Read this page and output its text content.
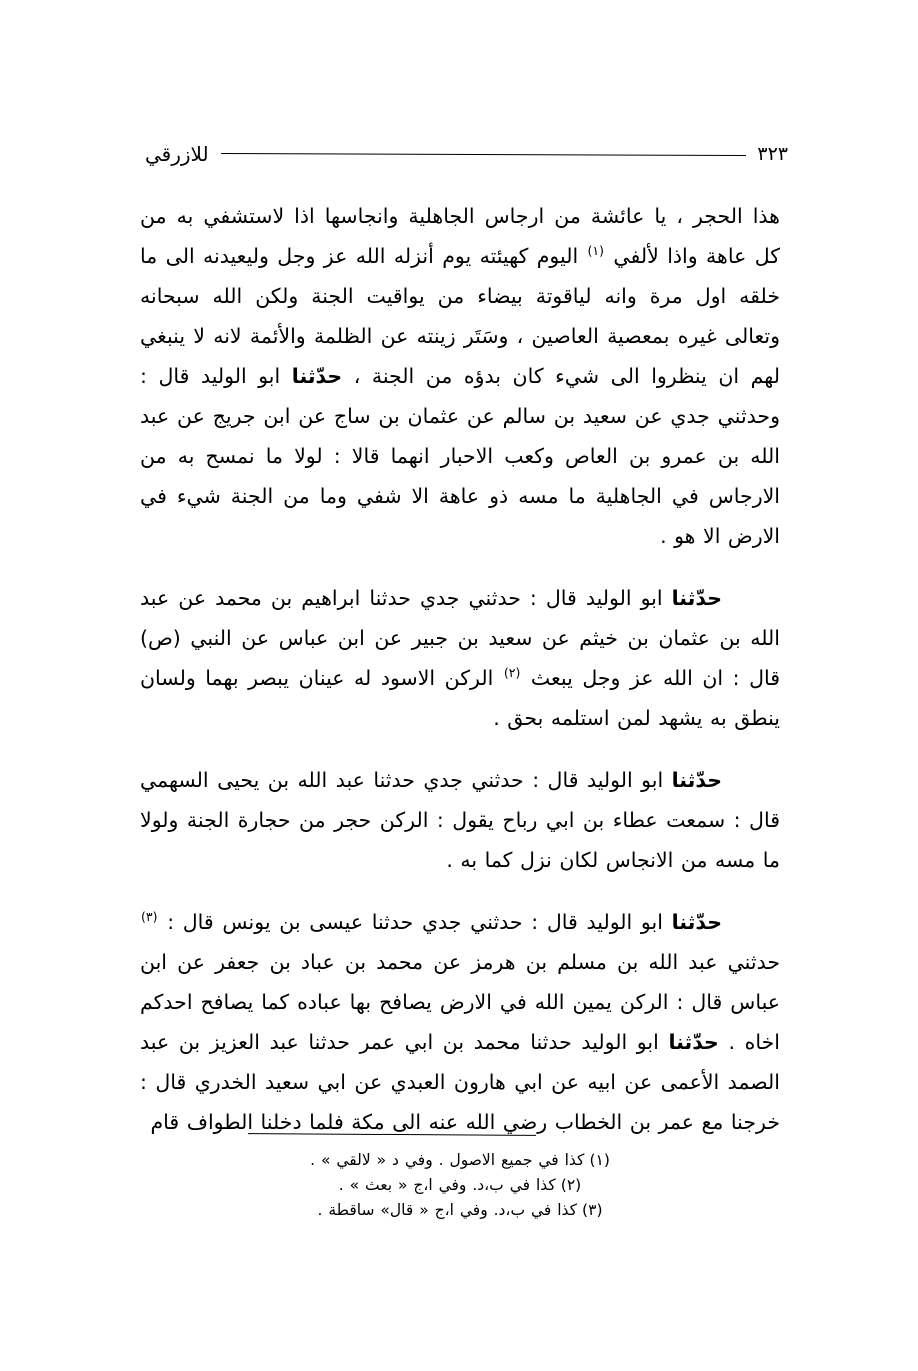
٣٢٣
للازرقي
هذا الحجر ، يا عائشة من ارجاس الجاهلية وانجاسها اذا لاستشفي به من كل عاهة واذا لألفي $^{(١)}$ اليوم كهيئته يوم أنزله الله عز وجل وليعيدنه الى ما خلقه اول مرة وانه لياقوتة بيضاء من يواقيت الجنة ولكن الله سبحانه وتعالى غيره بمعصية العاصين ، وسَتَر زينته عن الظلمة والأئمة لانه لا ينبغي لهم ان ينظروا الى شيء كان بدؤه من الجنة ، حدّثنا ابو الوليد قال : وحدثني جدي عن سعيد بن سالم عن عثمان بن ساج عن ابن جريج عن عبد الله بن عمرو بن العاص وكعب الاحبار انهما قالا : لولا ما نمسح به من الارجاس في الجاهلية ما مسه ذو عاهة الا شفي وما من الجنة شيء في الارض الا هو .
حدّثنا ابو الوليد قال : حدثني جدي حدثنا ابراهيم بن محمد عن عبد الله بن عثمان بن خيثم عن سعيد بن جبير عن ابن عباس عن النبي (ص) قال : ان الله عز وجل يبعث $^{(٢)}$ الركن الاسود له عينان يبصر بهما ولسان ينطق به يشهد لمن استلمه بحق .
حدّثنا ابو الوليد قال : حدثني جدي حدثنا عبد الله بن يحيى السهمي قال : سمعت عطاء بن ابي رباح يقول : الركن حجر من حجارة الجنة ولولا ما مسه من الانجاس لكان نزل كما به .
حدّثنا ابو الوليد قال : حدثني جدي حدثنا عيسى بن يونس قال : $^{(٣)}$ حدثني عبد الله بن مسلم بن هرمز عن محمد بن عباد بن جعفر عن ابن عباس قال : الركن يمين الله في الارض يصافح بها عباده كما يصافح احدكم اخاه . حدّثنا ابو الوليد حدثنا محمد بن ابي عمر حدثنا عبد العزيز بن عبد الصمد الأعمى عن ابيه عن ابي هارون العبدي عن ابي سعيد الخدري قال : خرجنا مع عمر بن الخطاب رضي الله عنه الى مكة فلما دخلنا الطواف قام
(١)كذا في جميع الاصول . وفي د « لالقي » .
(٢)كذا في ب،د. وفي ا،ج « بعث » .
(٣)كذا في ب،د. وفي ا،ج « قال» ساقطة .
